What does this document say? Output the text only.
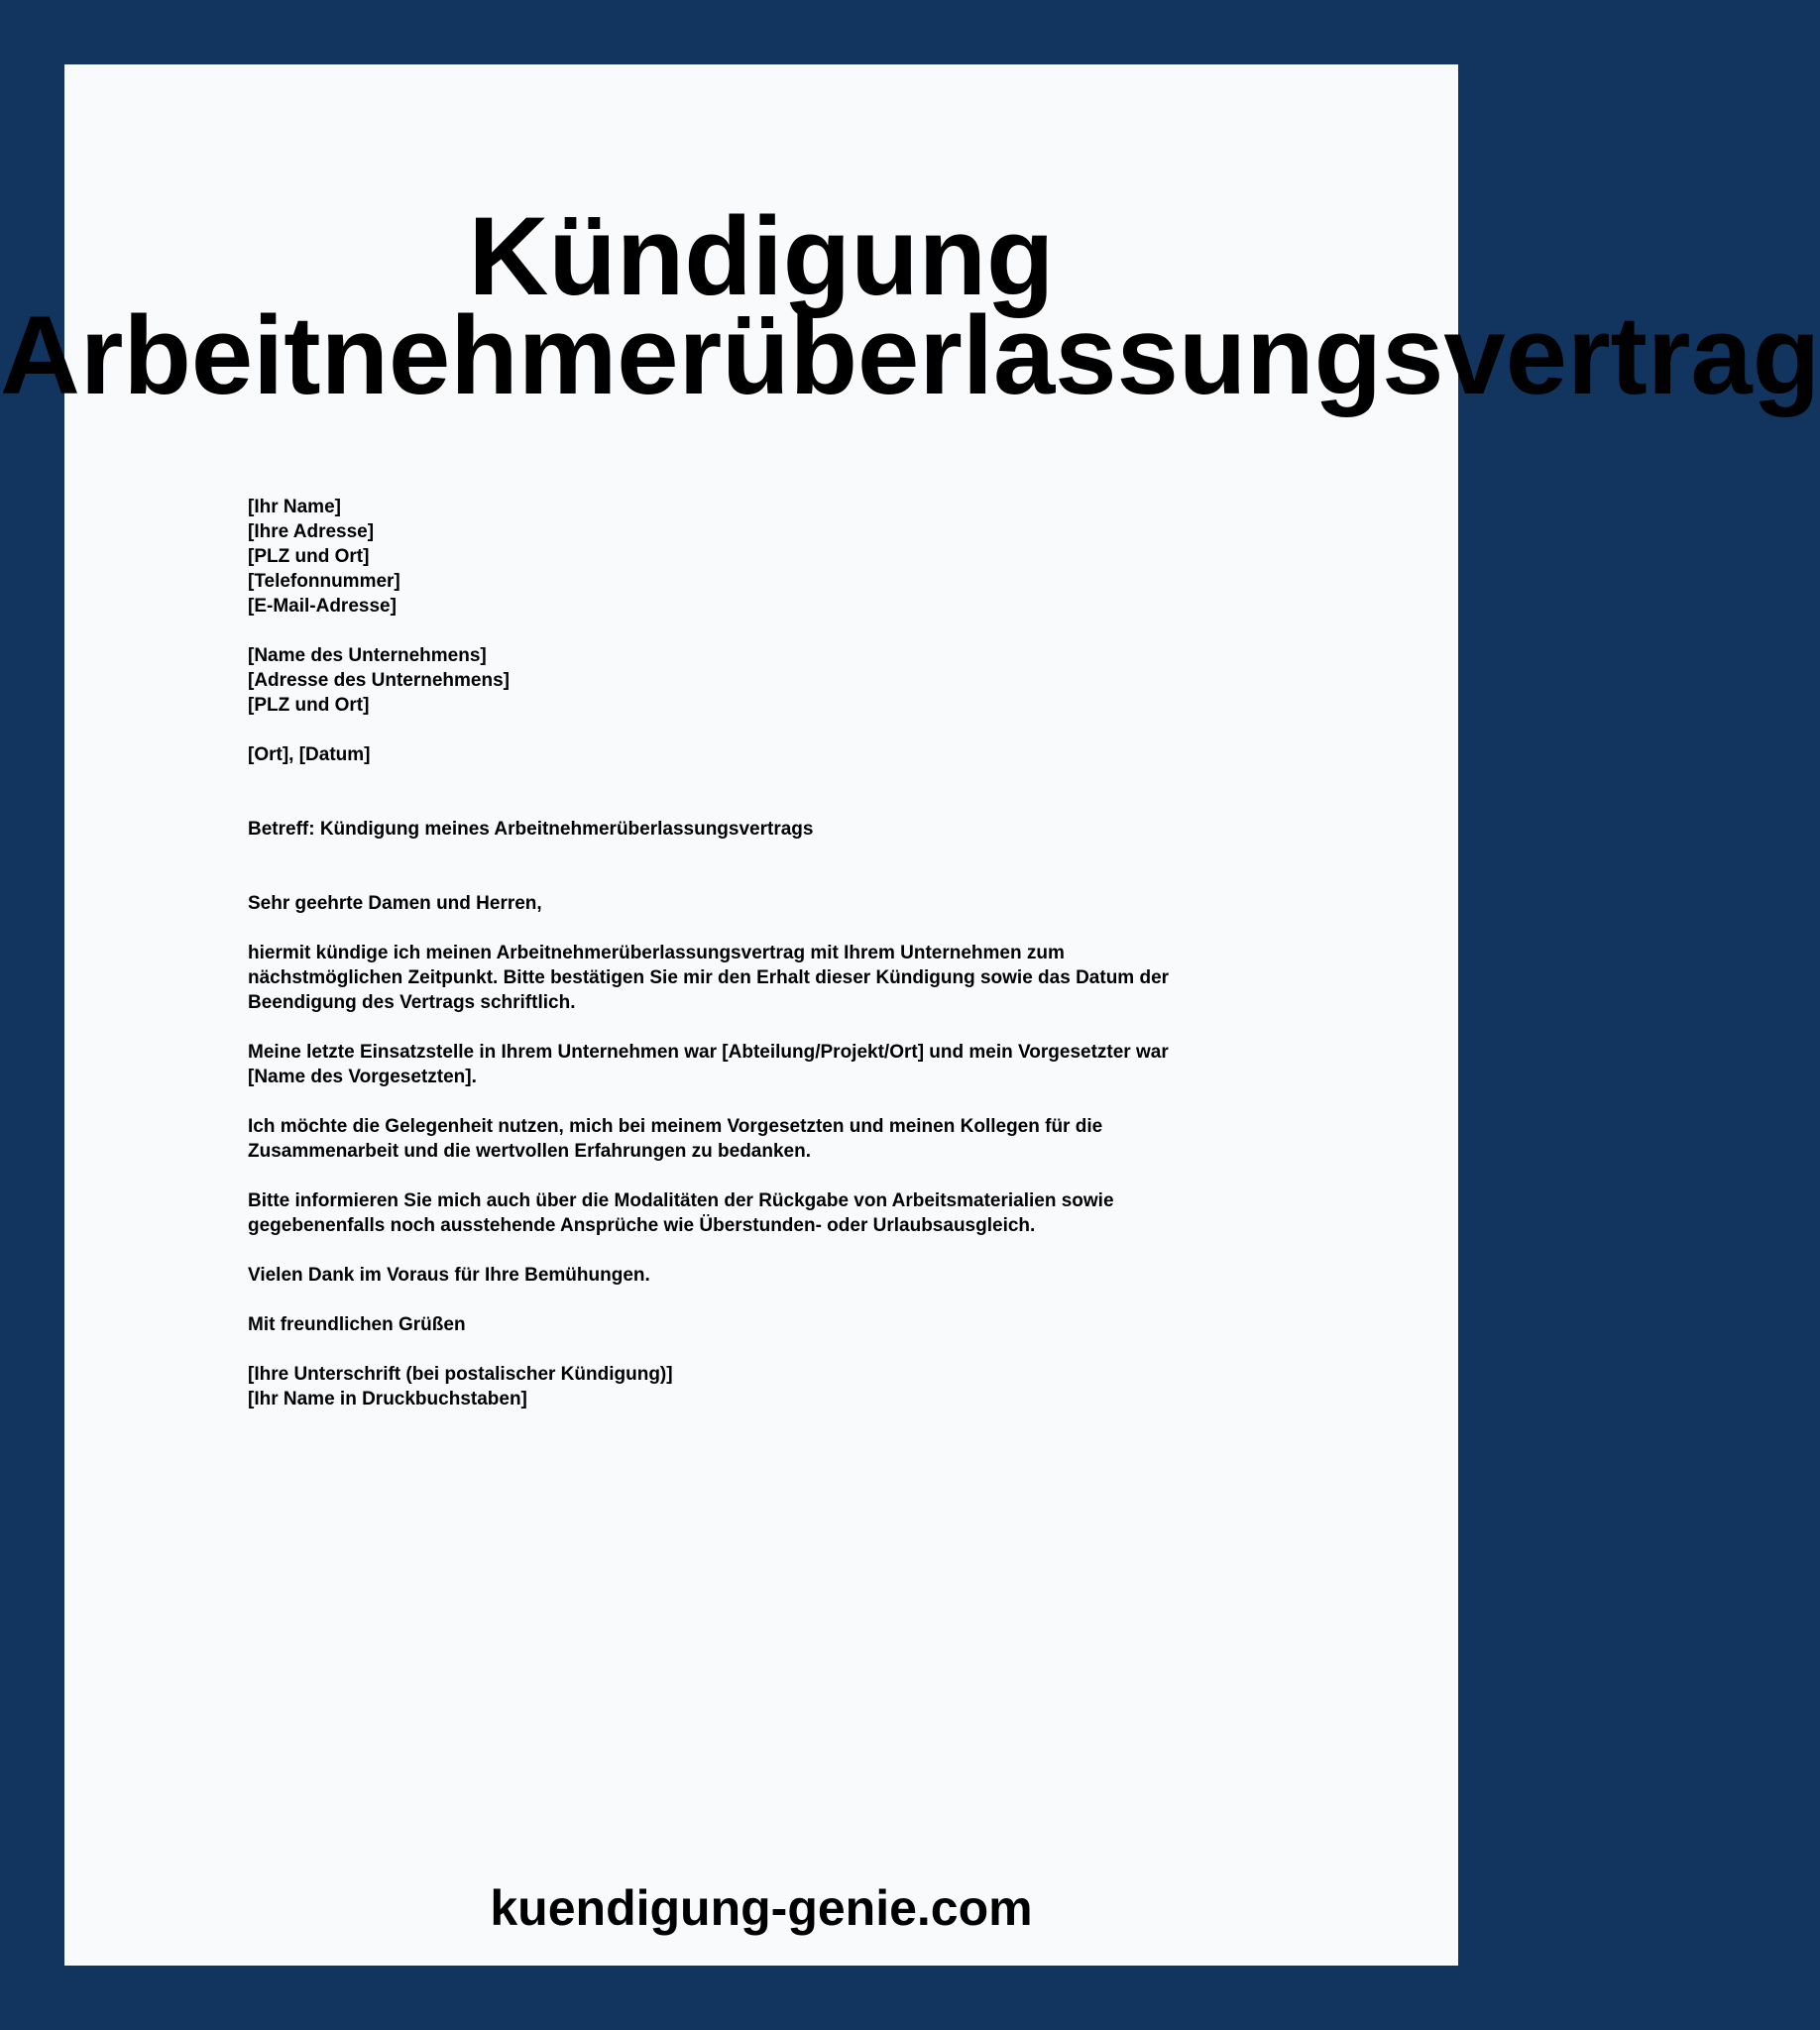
Kündigung
Arbeitnehmerüberlassungsvertrag
[Ihr Name]
[Ihre Adresse]
[PLZ und Ort]
[Telefonnummer]
[E-Mail-Adresse]
[Name des Unternehmens]
[Adresse des Unternehmens]
[PLZ und Ort]
[Ort], [Datum]
Betreff: Kündigung meines Arbeitnehmerüberlassungsvertrags
Sehr geehrte Damen und Herren,
hiermit kündige ich meinen Arbeitnehmerüberlassungsvertrag mit Ihrem Unternehmen zum
nächstmöglichen Zeitpunkt. Bitte bestätigen Sie mir den Erhalt dieser Kündigung sowie das Datum der
Beendigung des Vertrags schriftlich.
Meine letzte Einsatzstelle in Ihrem Unternehmen war [Abteilung/Projekt/Ort] und mein Vorgesetzter war
[Name des Vorgesetzten].
Ich möchte die Gelegenheit nutzen, mich bei meinem Vorgesetzten und meinen Kollegen für die
Zusammenarbeit und die wertvollen Erfahrungen zu bedanken.
Bitte informieren Sie mich auch über die Modalitäten der Rückgabe von Arbeitsmaterialien sowie
gegebenenfalls noch ausstehende Ansprüche wie Überstunden- oder Urlaubsausgleich.
Vielen Dank im Voraus für Ihre Bemühungen.
Mit freundlichen Grüßen
[Ihre Unterschrift (bei postalischer Kündigung)]
[Ihr Name in Druckbuchstaben]
kuendigung-genie.com
